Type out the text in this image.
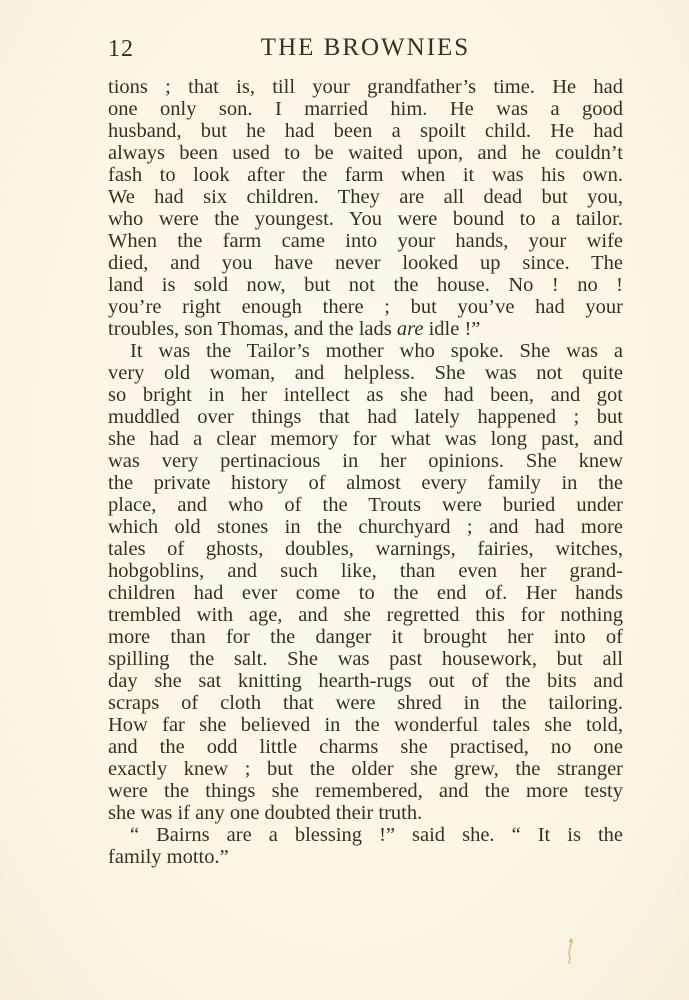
12	THE BROWNIES
tions ; that is, till your grandfather’s time. He had
one only son. I married him. He was a good
husband, but he had been a spoilt child. He had
always been used to be waited upon, and he couldn’t
fash to look after the farm when it was his own.
We had six children. They are all dead but you,
who were the youngest. You were bound to a tailor.
When the farm came into your hands, your wife
died, and you have never looked up since. The
land is sold now, but not the house. No ! no !
you’re right enough there ; but you’ve had your
troubles, son Thomas, and the lads are idle !”
It was the Tailor’s mother who spoke. She was a
very old woman, and helpless. She was not quite
so bright in her intellect as she had been, and got
muddled over things that had lately happened ; but
she had a clear memory for what was long past, and
was very pertinacious in her opinions. She knew
the private history of almost every family in the
place, and who of the Trouts were buried under
which old stones in the churchyard ; and had more
tales of ghosts, doubles, warnings, fairies, witches,
hobgoblins, and such like, than even her grand-
children had ever come to the end of. Her hands
trembled with age, and she regretted this for nothing
more than for the danger it brought her into of
spilling the salt. She was past housework, but all
day she sat knitting hearth-rugs out of the bits and
scraps of cloth that were shred in the tailoring.
How far she believed in the wonderful tales she told,
and the odd little charms she practised, no one
exactly knew ; but the older she grew, the stranger
were the things she remembered, and the more testy
she was if any one doubted their truth.
“ Bairns are a blessing !” said she. “ It is the
family motto.”
